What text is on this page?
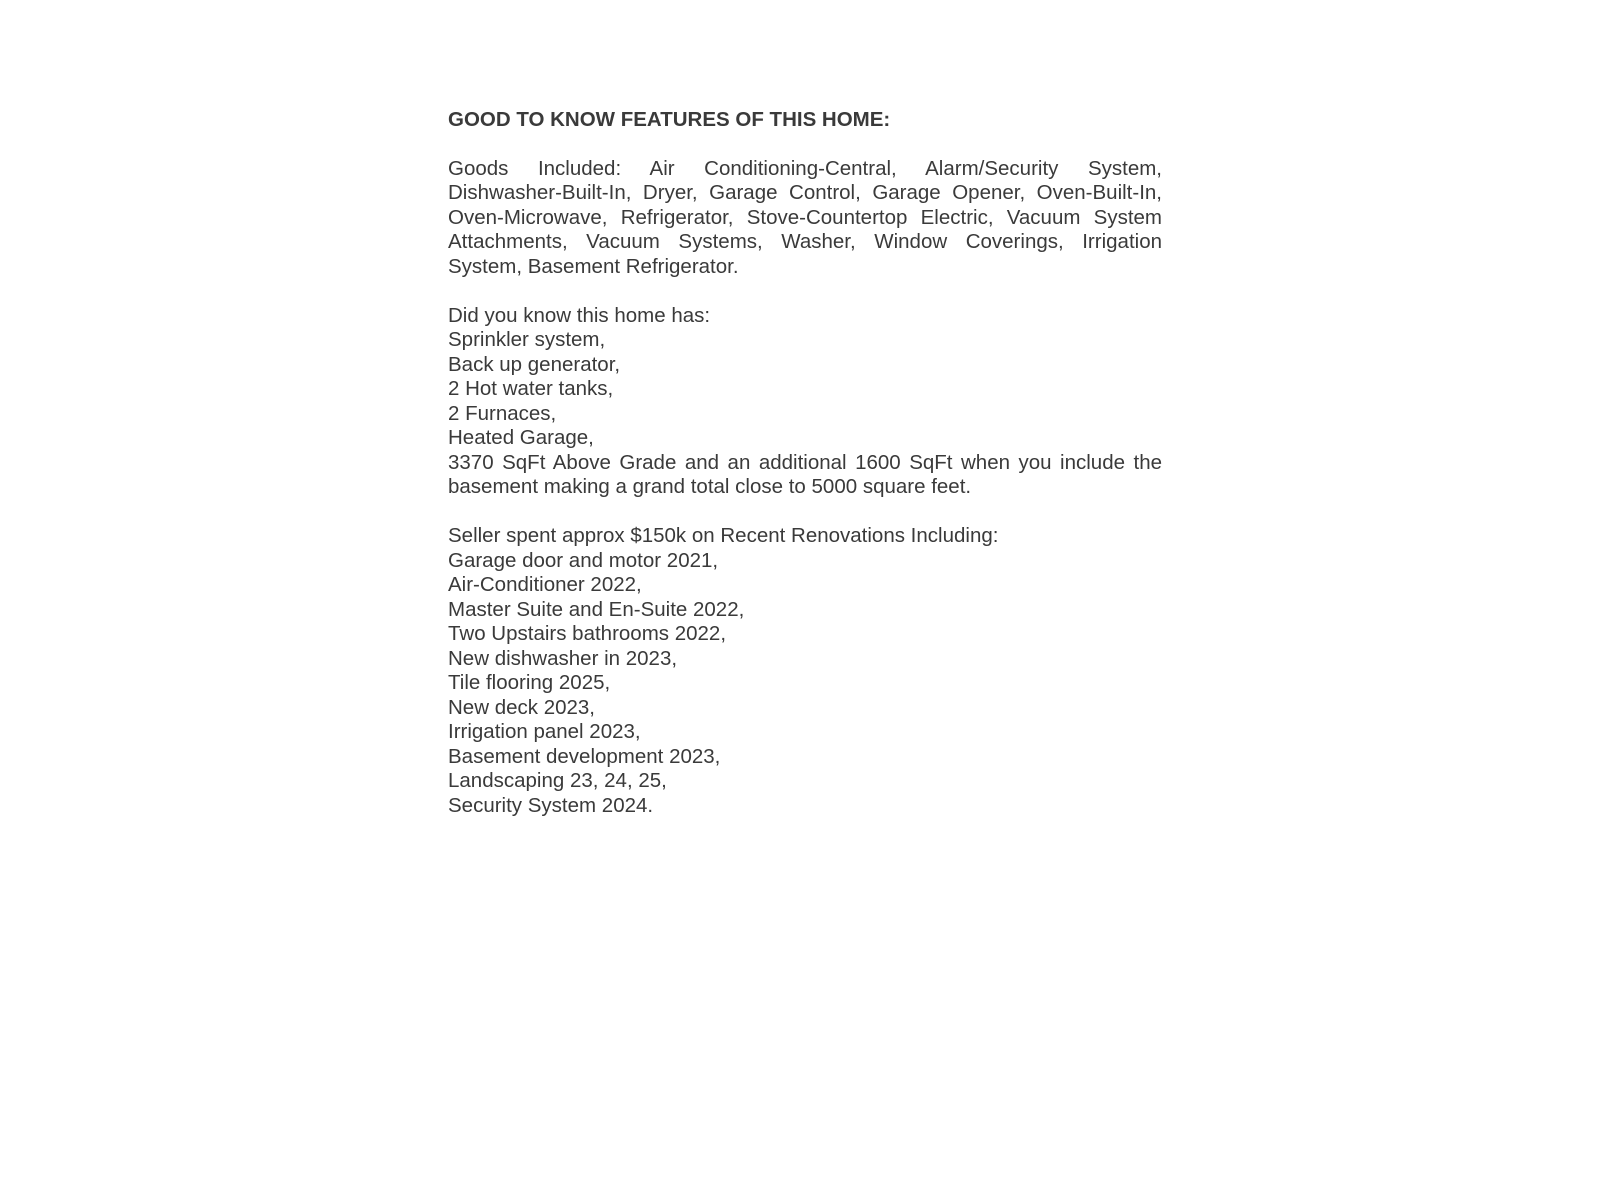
GOOD TO KNOW FEATURES OF THIS HOME:
Goods Included: Air Conditioning-Central, Alarm/Security System, Dishwasher-Built-In, Dryer, Garage Control, Garage Opener, Oven-Built-In, Oven-Microwave, Refrigerator, Stove-Countertop Electric, Vacuum System Attachments, Vacuum Systems, Washer, Window Coverings, Irrigation System, Basement Refrigerator.
Did you know this home has:
Sprinkler system,
Back up generator,
2 Hot water tanks,
2 Furnaces,
Heated Garage,
3370 SqFt Above Grade and an additional 1600 SqFt when you include the basement making a grand total close to 5000 square feet.
Seller spent approx $150k on Recent Renovations Including:
Garage door and motor 2021,
Air-Conditioner 2022,
Master Suite and En-Suite 2022,
Two Upstairs bathrooms 2022,
New dishwasher in 2023,
Tile flooring 2025,
New deck 2023,
Irrigation panel 2023,
Basement development 2023,
Landscaping 23, 24, 25,
Security System 2024.
